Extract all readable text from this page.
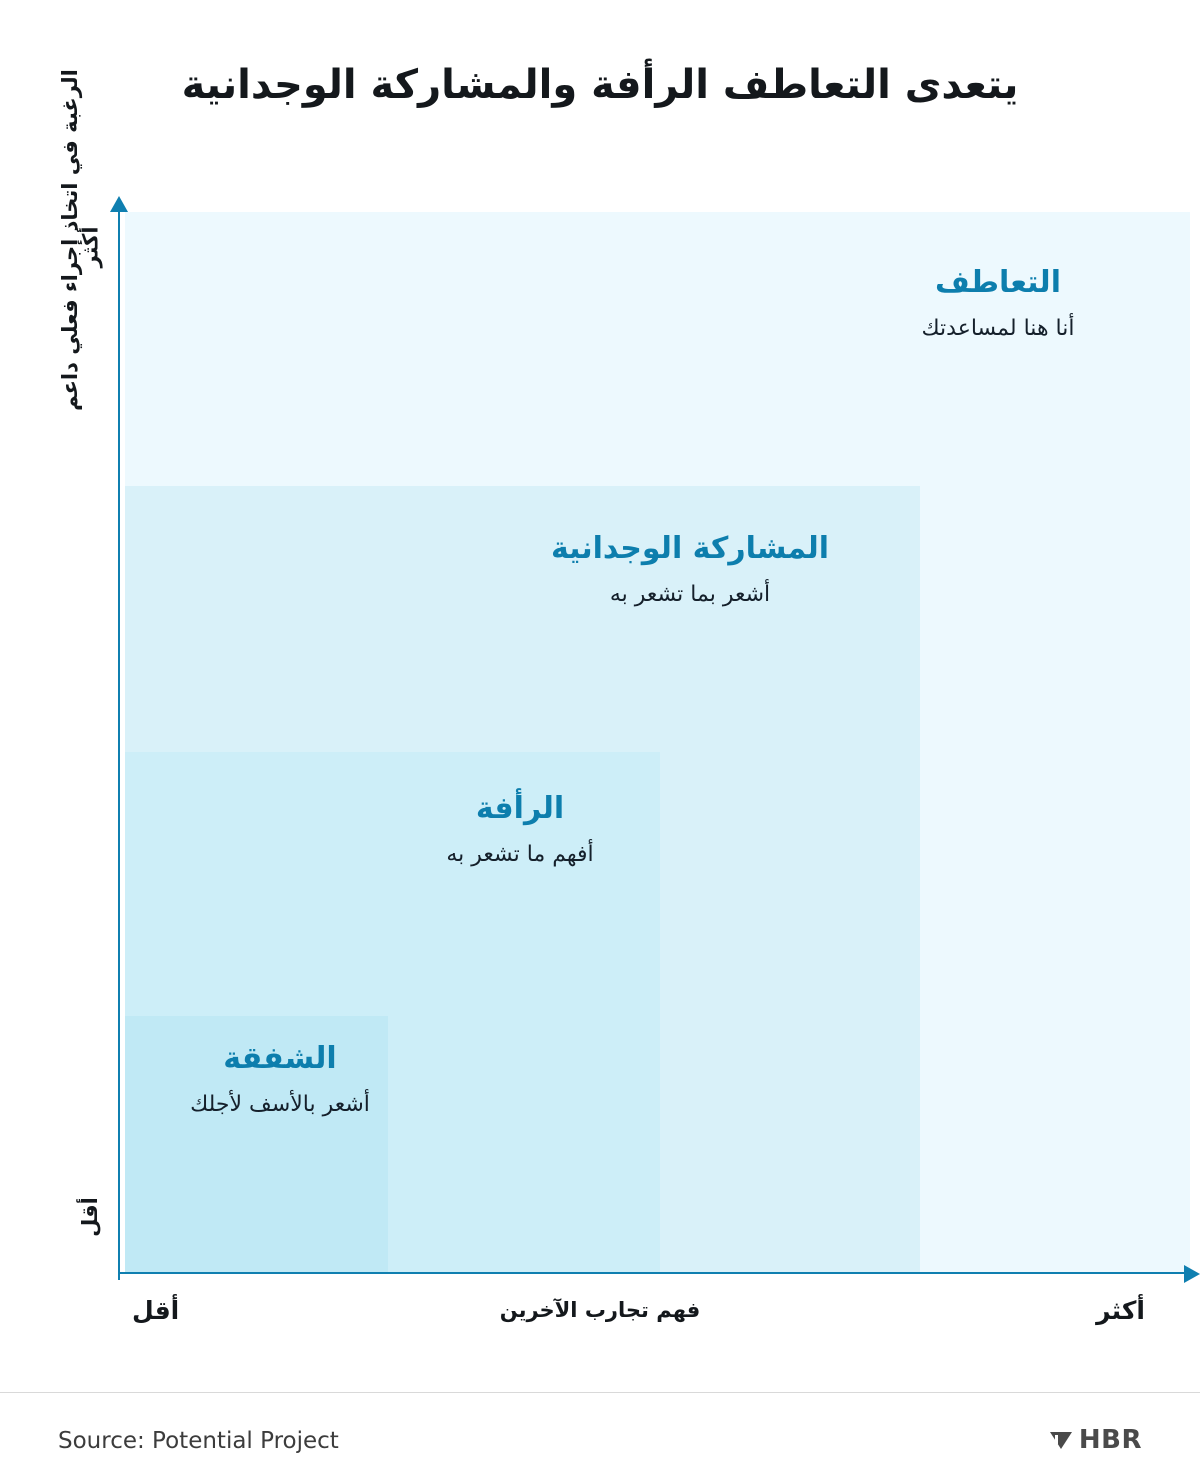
يتعدى التعاطف الرأفة والمشاركة الوجدانية
التعاطف
أنا هنا لمساعدتك
المشاركة الوجدانية
أشعر بما تشعر به
الرأفة
أفهم ما تشعر به
الشفقة
أشعر بالأسف لأجلك
الرغبة في اتخاذ إجراء فعلي داعم
أكثر
أقل
فهم تجارب الآخرين
أقل	أكثر
Source: Potential Project	HBR
